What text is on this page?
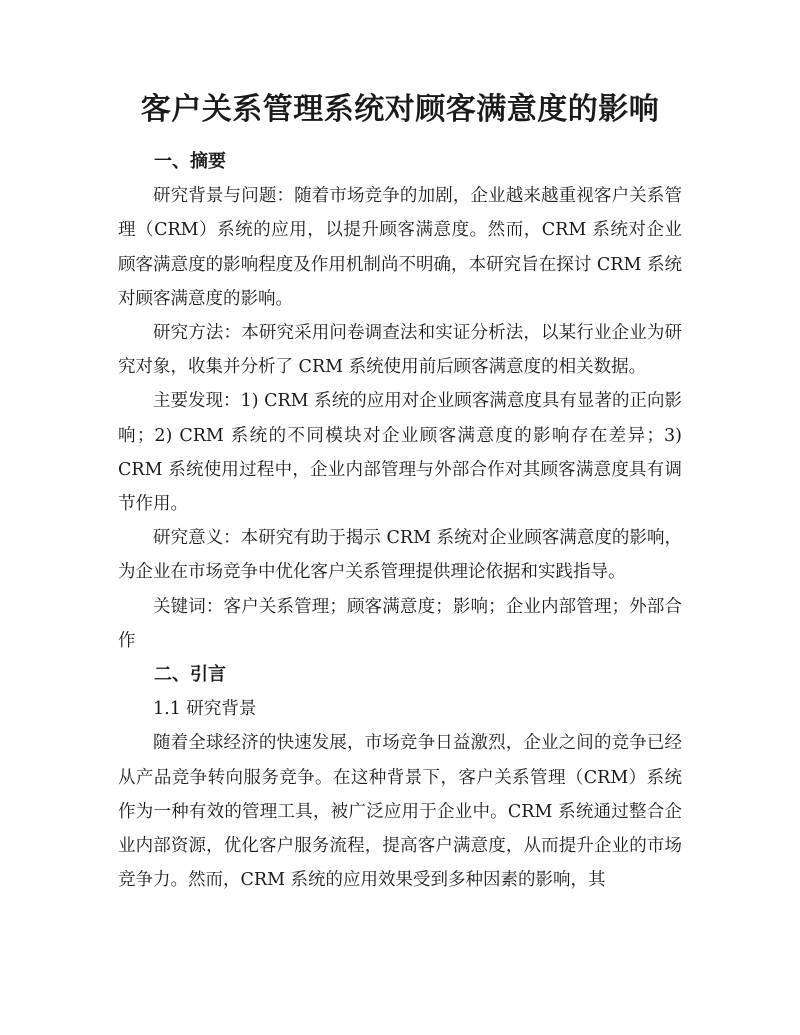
客户关系管理系统对顾客满意度的影响

一、摘要

研究背景与问题：随着市场竞争的加剧，企业越来越重视客户关系管理（CRM）系统的应用，以提升顾客满意度。然而，CRM 系统对企业顾客满意度的影响程度及作用机制尚不明确，本研究旨在探讨 CRM 系统对顾客满意度的影响。

研究方法：本研究采用问卷调查法和实证分析法，以某行业企业为研究对象，收集并分析了 CRM 系统使用前后顾客满意度的相关数据。

主要发现：1) CRM 系统的应用对企业顾客满意度具有显著的正向影响；2) CRM 系统的不同模块对企业顾客满意度的影响存在差异；3) CRM 系统使用过程中，企业内部管理与外部合作对其顾客满意度具有调节作用。

研究意义：本研究有助于揭示 CRM 系统对企业顾客满意度的影响，为企业在市场竞争中优化客户关系管理提供理论依据和实践指导。

关键词：客户关系管理；顾客满意度；影响；企业内部管理；外部合作

二、引言

1.1 研究背景

随着全球经济的快速发展，市场竞争日益激烈，企业之间的竞争已经从产品竞争转向服务竞争。在这种背景下，客户关系管理（CRM）系统作为一种有效的管理工具，被广泛应用于企业中。CRM 系统通过整合企业内部资源，优化客户服务流程，提高客户满意度，从而提升企业的市场竞争力。然而，CRM 系统的应用效果受到多种因素的影响，其
